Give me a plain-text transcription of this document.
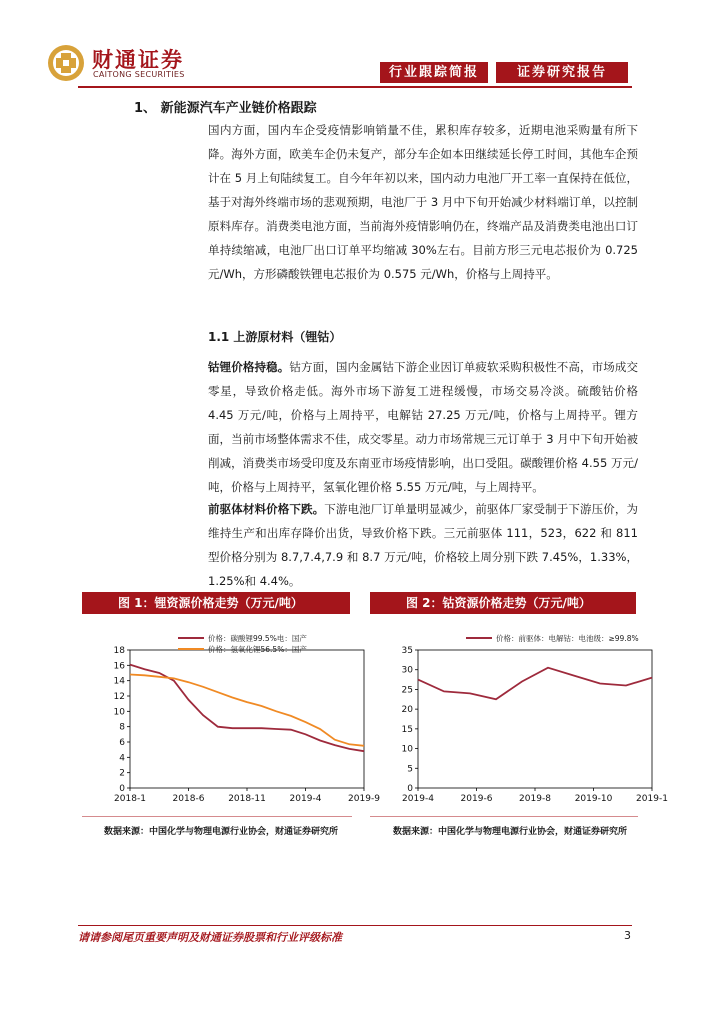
财通证券
CAITONG SECURITIES	行业跟踪简报	证券研究报告
1、 新能源汽车产业链价格跟踪

国内方面，国内车企受疫情影响销量不佳，累积库存较多，近期电池采购量有所下降。海外方面，欧美车企仍未复产，部分车企如本田继续延长停工时间，其他车企预计在 5 月上旬陆续复工。自今年年初以来，国内动力电池厂开工率一直保持在低位，基于对海外终端市场的悲观预期，电池厂于 3 月中下旬开始减少材料端订单，以控制原料库存。消费类电池方面，当前海外疫情影响仍在，终端产品及消费类电池出口订单持续缩减，电池厂出口订单平均缩减 30%左右。目前方形三元电芯报价为 0.725 元/Wh，方形磷酸铁锂电芯报价为 0.575 元/Wh，价格与上周持平。

1.1 上游原材料（锂钴）

钴锂价格持稳。钴方面，国内金属钴下游企业因订单疲软采购积极性不高，市场成交零星，导致价格走低。海外市场下游复工进程缓慢，市场交易冷淡。硫酸钴价格 4.45 万元/吨，价格与上周持平，电解钴 27.25 万元/吨，价格与上周持平。锂方面，当前市场整体需求不佳，成交零星。动力市场常规三元订单于 3 月中下旬开始被削减，消费类市场受印度及东南亚市场疫情影响，出口受阻。碳酸锂价格 4.55 万元/吨，价格与上周持平，氢氧化锂价格 5.55 万元/吨，与上周持平。

前驱体材料价格下跌。下游电池厂订单量明显减少，前驱体厂家受制于下游压价，为维持生产和出库存降价出货，导致价格下跌。三元前驱体 111，523，622 和 811 型价格分别为 8.7,7.4,7.9 和 8.7 万元/吨，价格较上周分别下跌 7.45%，1.33%，1.25%和 4.4%。

图 1：锂资源价格走势（万元/吨）	图 2：钴资源价格走势（万元/吨）
0
2
4
6
8
10
12
14
16
18
2018-1	2018-6	2018-11	2019-4	2019-9
价格：碳酸锂99.5%电：国产
价格：氢氧化锂56.5%：国产
0
5
10
15
20
25
30
35
2019-4	2019-6	2019-8	2019-10	2019-1
价格：前驱体：电解钴：电池级：≥99.8%
数据来源：中国化学与物理电源行业协会，财通证券研究所	数据来源：中国化学与物理电源行业协会，财通证券研究所
请请参阅尾页重要声明及财通证券股票和行业评级标准	3
